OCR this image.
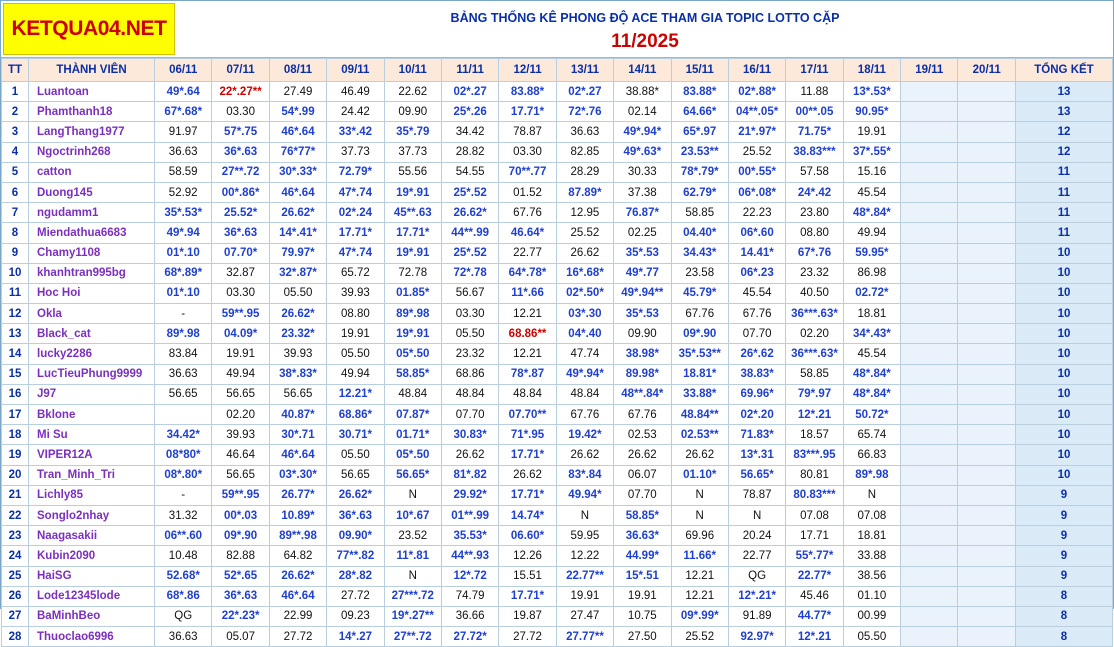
KETQUA04.NET	BẢNG THỐNG KÊ PHONG ĐỘ ACE THAM GIA TOPIC LOTTO CẶP
11/2025
TT	THÀNH VIÊN	06/11	07/11	08/11	09/11	10/11	11/11	12/11	13/11	14/11	15/11	16/11	17/11	18/11	19/11	20/11	TỔNG KẾT
1	Luantoan	49*.64	22*.27**	27.49	46.49	22.62	02*.27	83.88*	02*.27	38.88*	83.88*	02*.88*	11.88	13*.53*			13
2	Phamthanh18	67*.68*	03.30	54*.99	24.42	09.90	25*.26	17.71*	72*.76	02.14	64.66*	04**.05*	00**.05	90.95*			13
3	LangThang1977	91.97	57*.75	46*.64	33*.42	35*.79	34.42	78.87	36.63	49*.94*	65*.97	21*.97*	71.75*	19.91			12
4	Ngoctrinh268	36.63	36*.63	76*77*	37.73	37.73	28.82	03.30	82.85	49*.63*	23.53**	25.52	38.83***	37*.55*			12
5	catton	58.59	27**.72	30*.33*	72.79*	55.56	54.55	70**.77	28.29	30.33	78*.79*	00*.55*	57.58	15.16			11
6	Duong145	52.92	00*.86*	46*.64	47*.74	19*.91	25*.52	01.52	87.89*	37.38	62.79*	06*.08*	24*.42	45.54			11
7	ngudamm1	35*.53*	25.52*	26.62*	02*.24	45**.63	26.62*	67.76	12.95	76.87*	58.85	22.23	23.80	48*.84*			11
8	Miendathua6683	49*.94	36*.63	14*.41*	17.71*	17.71*	44**.99	46.64*	25.52	02.25	04.40*	06*.60	08.80	49.94			11
9	Chamy1108	01*.10	07.70*	79.97*	47*.74	19*.91	25*.52	22.77	26.62	35*.53	34.43*	14.41*	67*.76	59.95*			10
10	khanhtran995bg	68*.89*	32.87	32*.87*	65.72	72.78	72*.78	64*.78*	16*.68*	49*.77	23.58	06*.23	23.32	86.98			10
11	Hoc Hoi	01*.10	03.30	05.50	39.93	01.85*	56.67	11*.66	02*.50*	49*.94**	45.79*	45.54	40.50	02.72*			10
12	Okla	-	59**.95	26.62*	08.80	89*.98	03.30	12.21	03*.30	35*.53	67.76	67.76	36***.63*	18.81			10
13	Black_cat	89*.98	04.09*	23.32*	19.91	19*.91	05.50	68.86**	04*.40	09.90	09*.90	07.70	02.20	34*.43*			10
14	lucky2286	83.84	19.91	39.93	05.50	05*.50	23.32	12.21	47.74	38.98*	35*.53**	26*.62	36***.63*	45.54			10
15	LucTieuPhung9999	36.63	49.94	38*.83*	49.94	58.85*	68.86	78*.87	49*.94*	89.98*	18.81*	38.83*	58.85	48*.84*			10
16	J97	56.65	56.65	56.65	12.21*	48.84	48.84	48.84	48.84	48**.84*	33.88*	69.96*	79*.97	48*.84*			10
17	Bklone		02.20	40.87*	68.86*	07.87*	07.70	07.70**	67.76	67.76	48.84**	02*.20	12*.21	50.72*			10
18	Mi Su	34.42*	39.93	30*.71	30.71*	01.71*	30.83*	71*.95	19.42*	02.53	02.53**	71.83*	18.57	65.74			10
19	VIPER12A	08*80*	46.64	46*.64	05.50	05*.50	26.62	17.71*	26.62	26.62	26.62	13*.31	83***.95	66.83			10
20	Tran_Minh_Tri	08*.80*	56.65	03*.30*	56.65	56.65*	81*.82	26.62	83*.84	06.07	01.10*	56.65*	80.81	89*.98			10
21	Lichly85	-	59**.95	26.77*	26.62*	N	29.92*	17.71*	49.94*	07.70	N	78.87	80.83***	N			9
22	Songlo2nhay	31.32	00*.03	10.89*	36*.63	10*.67	01**.99	14.74*	N	58.85*	N	N	07.08	07.08			9
23	Naagasakii	06**.60	09*.90	89**.98	09.90*	23.52	35.53*	06.60*	59.95	36.63*	69.96	20.24	17.71	18.81			9
24	Kubin2090	10.48	82.88	64.82	77**.82	11*.81	44**.93	12.26	12.22	44.99*	11.66*	22.77	55*.77*	33.88			9
25	HaiSG	52.68*	52*.65	26.62*	28*.82	N	12*.72	15.51	22.77**	15*.51	12.21	QG	22.77*	38.56			9
26	Lode12345lode	68*.86	36*.63	46*.64	27.72	27***.72	74.79	17.71*	19.91	19.91	12.21	12*.21*	45.46	01.10			8
27	BaMinhBeo	QG	22*.23*	22.99	09.23	19*.27**	36.66	19.87	27.47	10.75	09*.99*	91.89	44.77*	00.99			8
28	Thuoclao6996	36.63	05.07	27.72	14*.27	27**.72	27.72*	27.72	27.77**	27.50	25.52	92.97*	12*.21	05.50			8
